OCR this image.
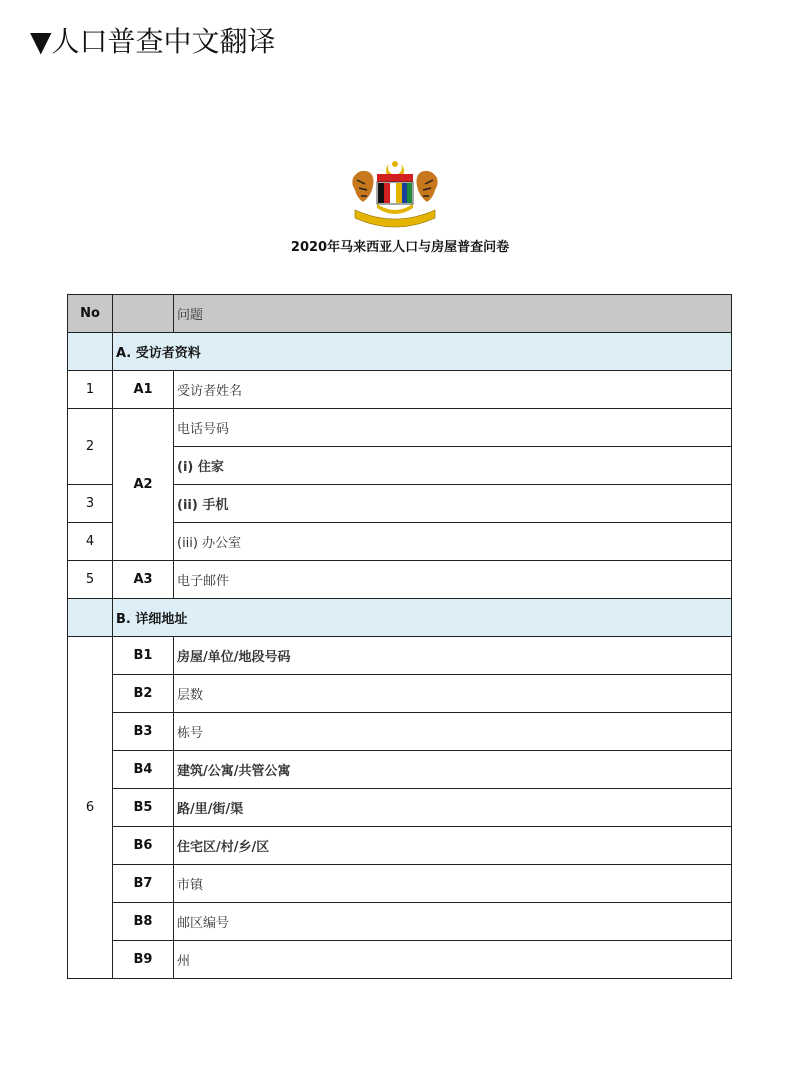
▼人口普查中文翻译
2020年马来西亚人口与房屋普查问卷
No		问题
	A. 受访者资料	
1	A1	受访者姓名
2	A2	电话号码
		(i) 住家
3		(ii) 手机
4		(iii) 办公室
5	A3	电子邮件
	B. 详细地址	
6	B1	房屋/单位/地段号码
	B2	层数
	B3	栋号
	B4	建筑/公寓/共管公寓
	B5	路/里/街/渠
	B6	住宅区/村/乡/区
	B7	市镇
	B8	邮区编号
	B9	州
